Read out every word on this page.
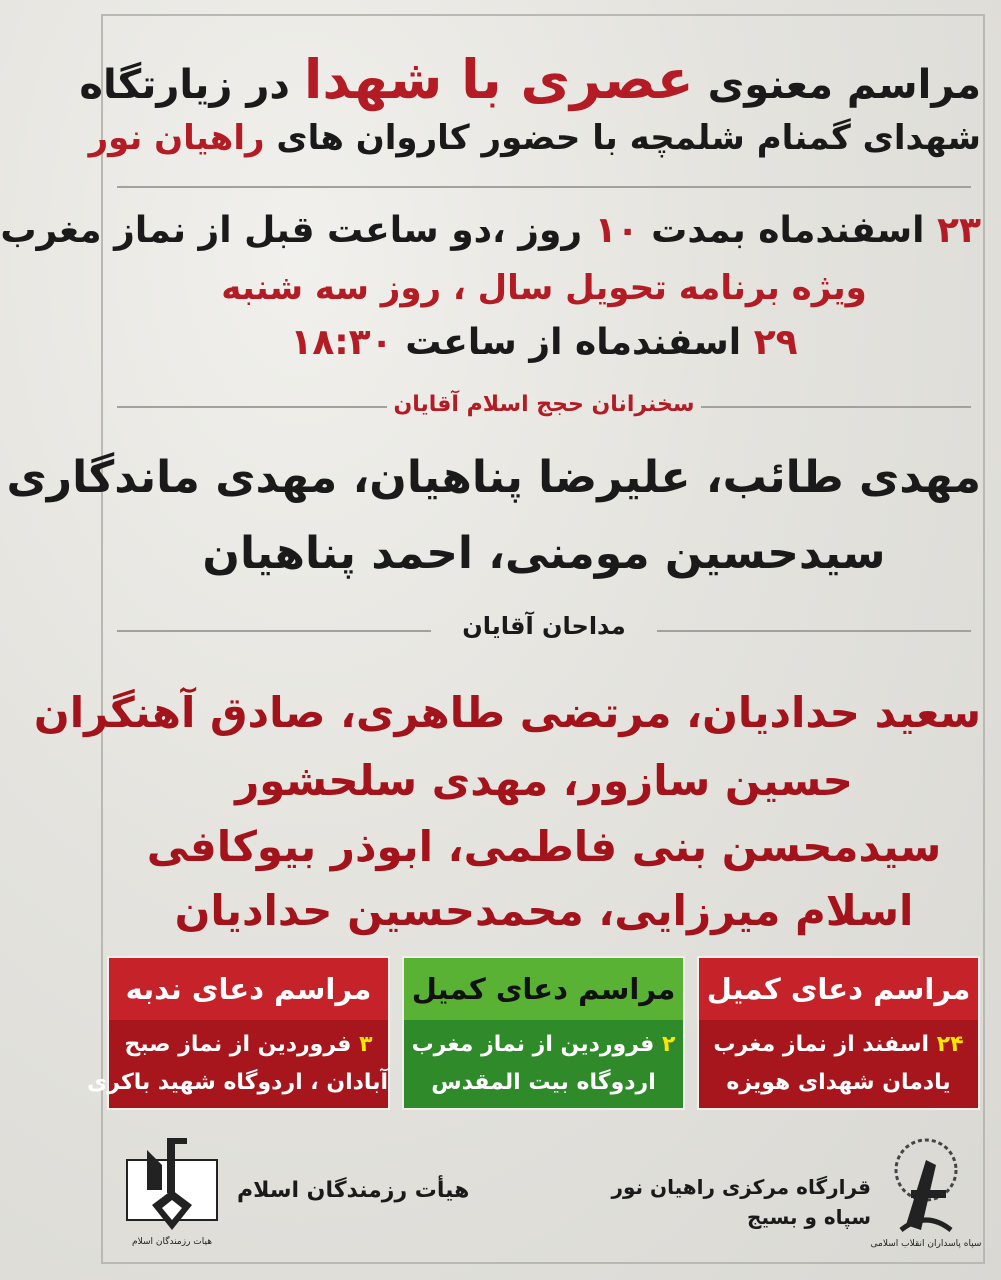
مراسم معنوی عصری با شهدا در زیارتگاه
شهدای گمنام شلمچه با حضور کاروان های راهیان نور
۲۳ اسفندماه بمدت ۱۰ روز ،دو ساعت قبل از نماز مغرب
ویژه برنامه تحویل سال ، روز سه شنبه
۲۹ اسفندماه از ساعت ۱۸:۳۰
سخنرانان حجج اسلام آقایان
مهدی طائب، علیرضا پناهیان، مهدی ماندگاری
سیدحسین مومنی، احمد پناهیان
مداحان آقایان
سعید حدادیان، مرتضی طاهری، صادق آهنگران
حسین سازور، مهدی سلحشور
سیدمحسن بنی فاطمی، ابوذر بیوکافی
اسلام میرزایی، محمدحسین حدادیان
مراسم دعای کمیل
۲۴ اسفند از نماز مغرب
یادمان شهدای هویزه
مراسم دعای کمیل
۲ فروردین از نماز مغرب
اردوگاه بیت المقدس
مراسم دعای ندبه
۳ فروردین از نماز صبح
آبادان ، اردوگاه شهید باکری
هیات رزمندگان اسلام
هیأت رزمندگان اسلام	قرارگاه مرکزی راهیان نور
سپاه و بسیج
سپاه پاسداران انقلاب اسلامی
